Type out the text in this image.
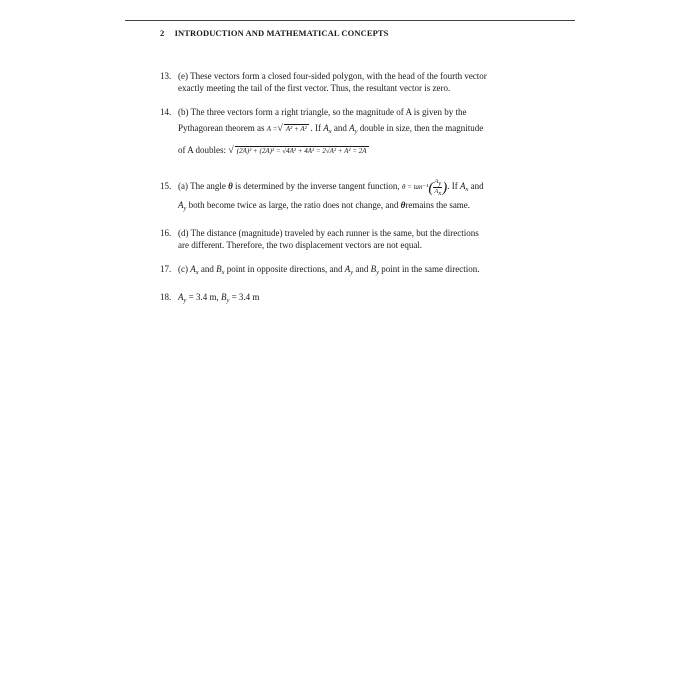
2 INTRODUCTION AND MATHEMATICAL CONCEPTS
13. (e) These vectors form a closed four-sided polygon, with the head of the fourth vector
exactly meeting the tail of the first vector. Thus, the resultant vector is zero.
14. (b) The three vectors form a right triangle, so the magnitude of A is given by the
Pythagorean theorem as A =√ A² + A² . If $A_x$ and $A_y$ double in size, then the magnitude
of A doubles: √ (2A)² + (2A)² = √4A² + 4A² = 2√A² + A² = 2A
15. (a) The angle θ is determined by the inverse tangent function, $\theta = \tan^{-1}( \frac{Ay}{Ax}$ ). If $A_x$ and
$A_y$ both become twice as large, the ratio does not change, and θremains the same.
16. (d) The distance (magnitude) traveled by each runner is the same, but the directions
are different. Therefore, the two displacement vectors are not equal.
17. (c) $A_x$ and $B_x$ point in opposite directions, and $A_y$ and $B_y$ point in the same direction.
18. $A_y = 3.4$ m, $B_y = 3.4$ m
